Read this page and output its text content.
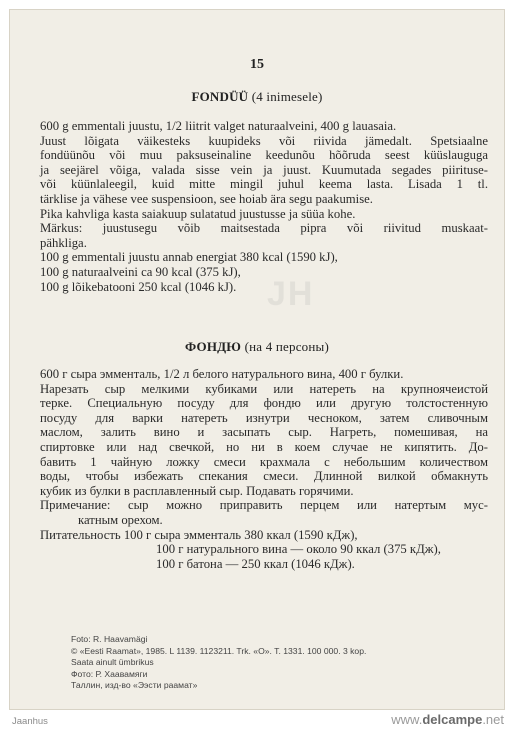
15
FONDÜÜ (4 inimesele)
600 g emmentali juustu, 1/2 liitrit valget naturaalveini, 400 g lauasaia.
Juust lõigata väikesteks kuupideks või riivida jämedalt. Spetsiaalne
fondüünõu või muu paksuseinaline keedunõu hõõruda seest küüslauguga
ja seejärel võiga, valada sisse vein ja juust. Kuumutada segades piirituse-
või küünlaleegil, kuid mitte mingil juhul keema lasta. Lisada 1 tl.
tärklise ja vähese vee suspensioon, see hoiab ära segu paakumise.
Pika kahvliga kasta saiakuup sulatatud juustusse ja süüa kohe.
Märkus: juustusegu võib maitsestada pipra või riivitud muskaat-
pähkliga.
100 g emmentali juustu annab energiat 380 kcal (1590 kJ),
100 g naturaalveini ca 90 kcal (375 kJ),
100 g lõikebatooni 250 kcal (1046 kJ).
ФОНДЮ (на 4 персоны)
600 г сыра эмменталь, 1/2 л белого натурального вина, 400 г булки.
Нарезать сыр мелкими кубиками или натереть на крупноячеистой
терке. Специальную посуду для фондю или другую толстостенную
посуду для варки натереть изнутри чесноком, затем сливочным
маслом, залить вино и засыпать сыр. Нагреть, помешивая, на
спиртовке или над свечкой, но ни в коем случае не кипятить. До-
бавить 1 чайную ложку смеси крахмала с небольшим количеством
воды, чтобы избежать спекания смеси. Длинной вилкой обмакнуть
кубик из булки в расплавленный сыр. Подавать горячими.
Примечание: сыр можно приправить перцем или натертым мус-
катным орехом.
Питательность 100 г сыра эмменталь 380 ккал (1590 кДж),
100 г натурального вина — около 90 ккал (375 кДж),
100 г батона — 250 ккал (1046 кДж).
JH
Foto: R. Haavamägi
© «Eesti Raamat», 1985. L 1139. 1123211. Trk. «O». T. 1331. 100 000. 3 kop.
Saata ainult ümbrikus
Фото: Р. Хаавамяги
Таллин, изд-во «Ээсти раамат»
Jaanhus	www.delcampe.net
